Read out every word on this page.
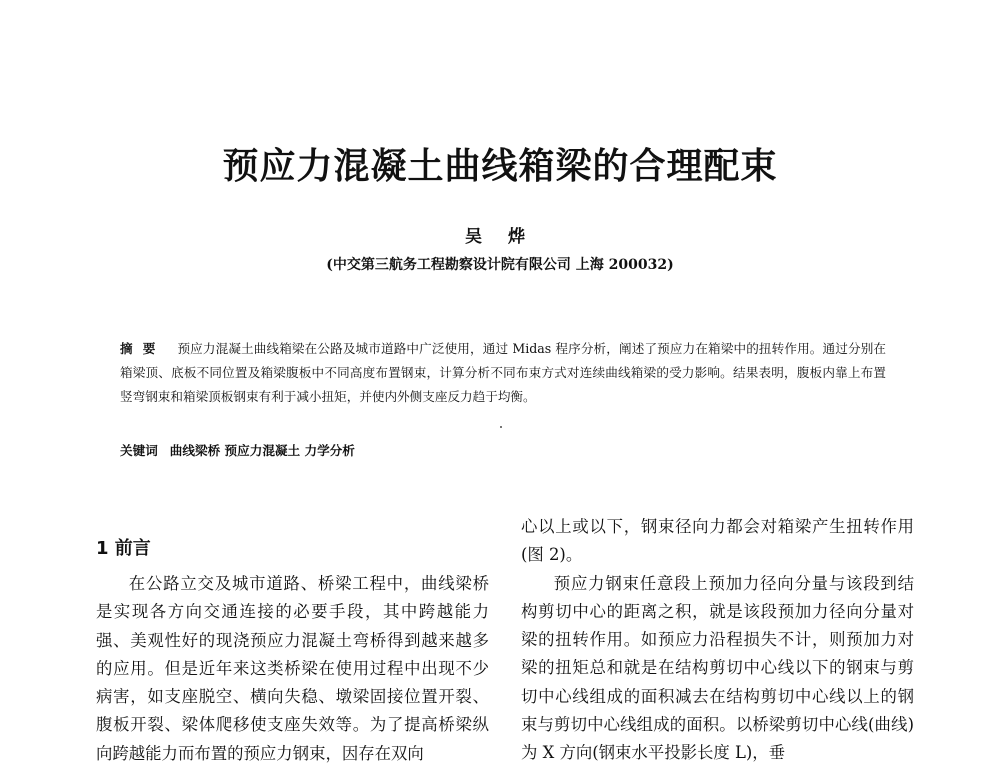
预应力混凝土曲线箱梁的合理配束
吴 烨
(中交第三航务工程勘察设计院有限公司 上海 200032)

摘要 预应力混凝土曲线箱梁在公路及城市道路中广泛使用，通过 Midas 程序分析，阐述了预应力在箱梁中的扭转作用。通过分别在箱梁顶、底板不同位置及箱梁腹板中不同高度布置钢束，计算分析不同布束方式对连续曲线箱梁的受力影响。结果表明，腹板内靠上布置竖弯钢束和箱梁顶板钢束有利于减小扭矩，并使内外侧支座反力趋于均衡。

关键词 曲线梁桥 预应力混凝土 力学分析

1 前言

在公路立交及城市道路、桥梁工程中，曲线梁桥是实现各方向交通连接的必要手段，其中跨越能力强、美观性好的现浇预应力混凝土弯桥得到越来越多的应用。但是近年来这类桥梁在使用过程中出现不少病害，如支座脱空、横向失稳、墩梁固接位置开裂、腹板开裂、梁体爬移使支座失效等。为了提高桥梁纵向跨越能力而布置的预应力钢束，因存在双向

心以上或以下，钢束径向力都会对箱梁产生扭转作用(图 2)。

预应力钢束任意段上预加力径向分量与该段到结构剪切中心的距离之积，就是该段预加力径向分量对梁的扭转作用。如预应力沿程损失不计，则预加力对梁的扭矩总和就是在结构剪切中心线以下的钢束与剪切中心线组成的面积减去在结构剪切中心线以上的钢束与剪切中心线组成的面积。以桥梁剪切中心线(曲线)为 X 方向(钢束水平投影长度 L)，垂
